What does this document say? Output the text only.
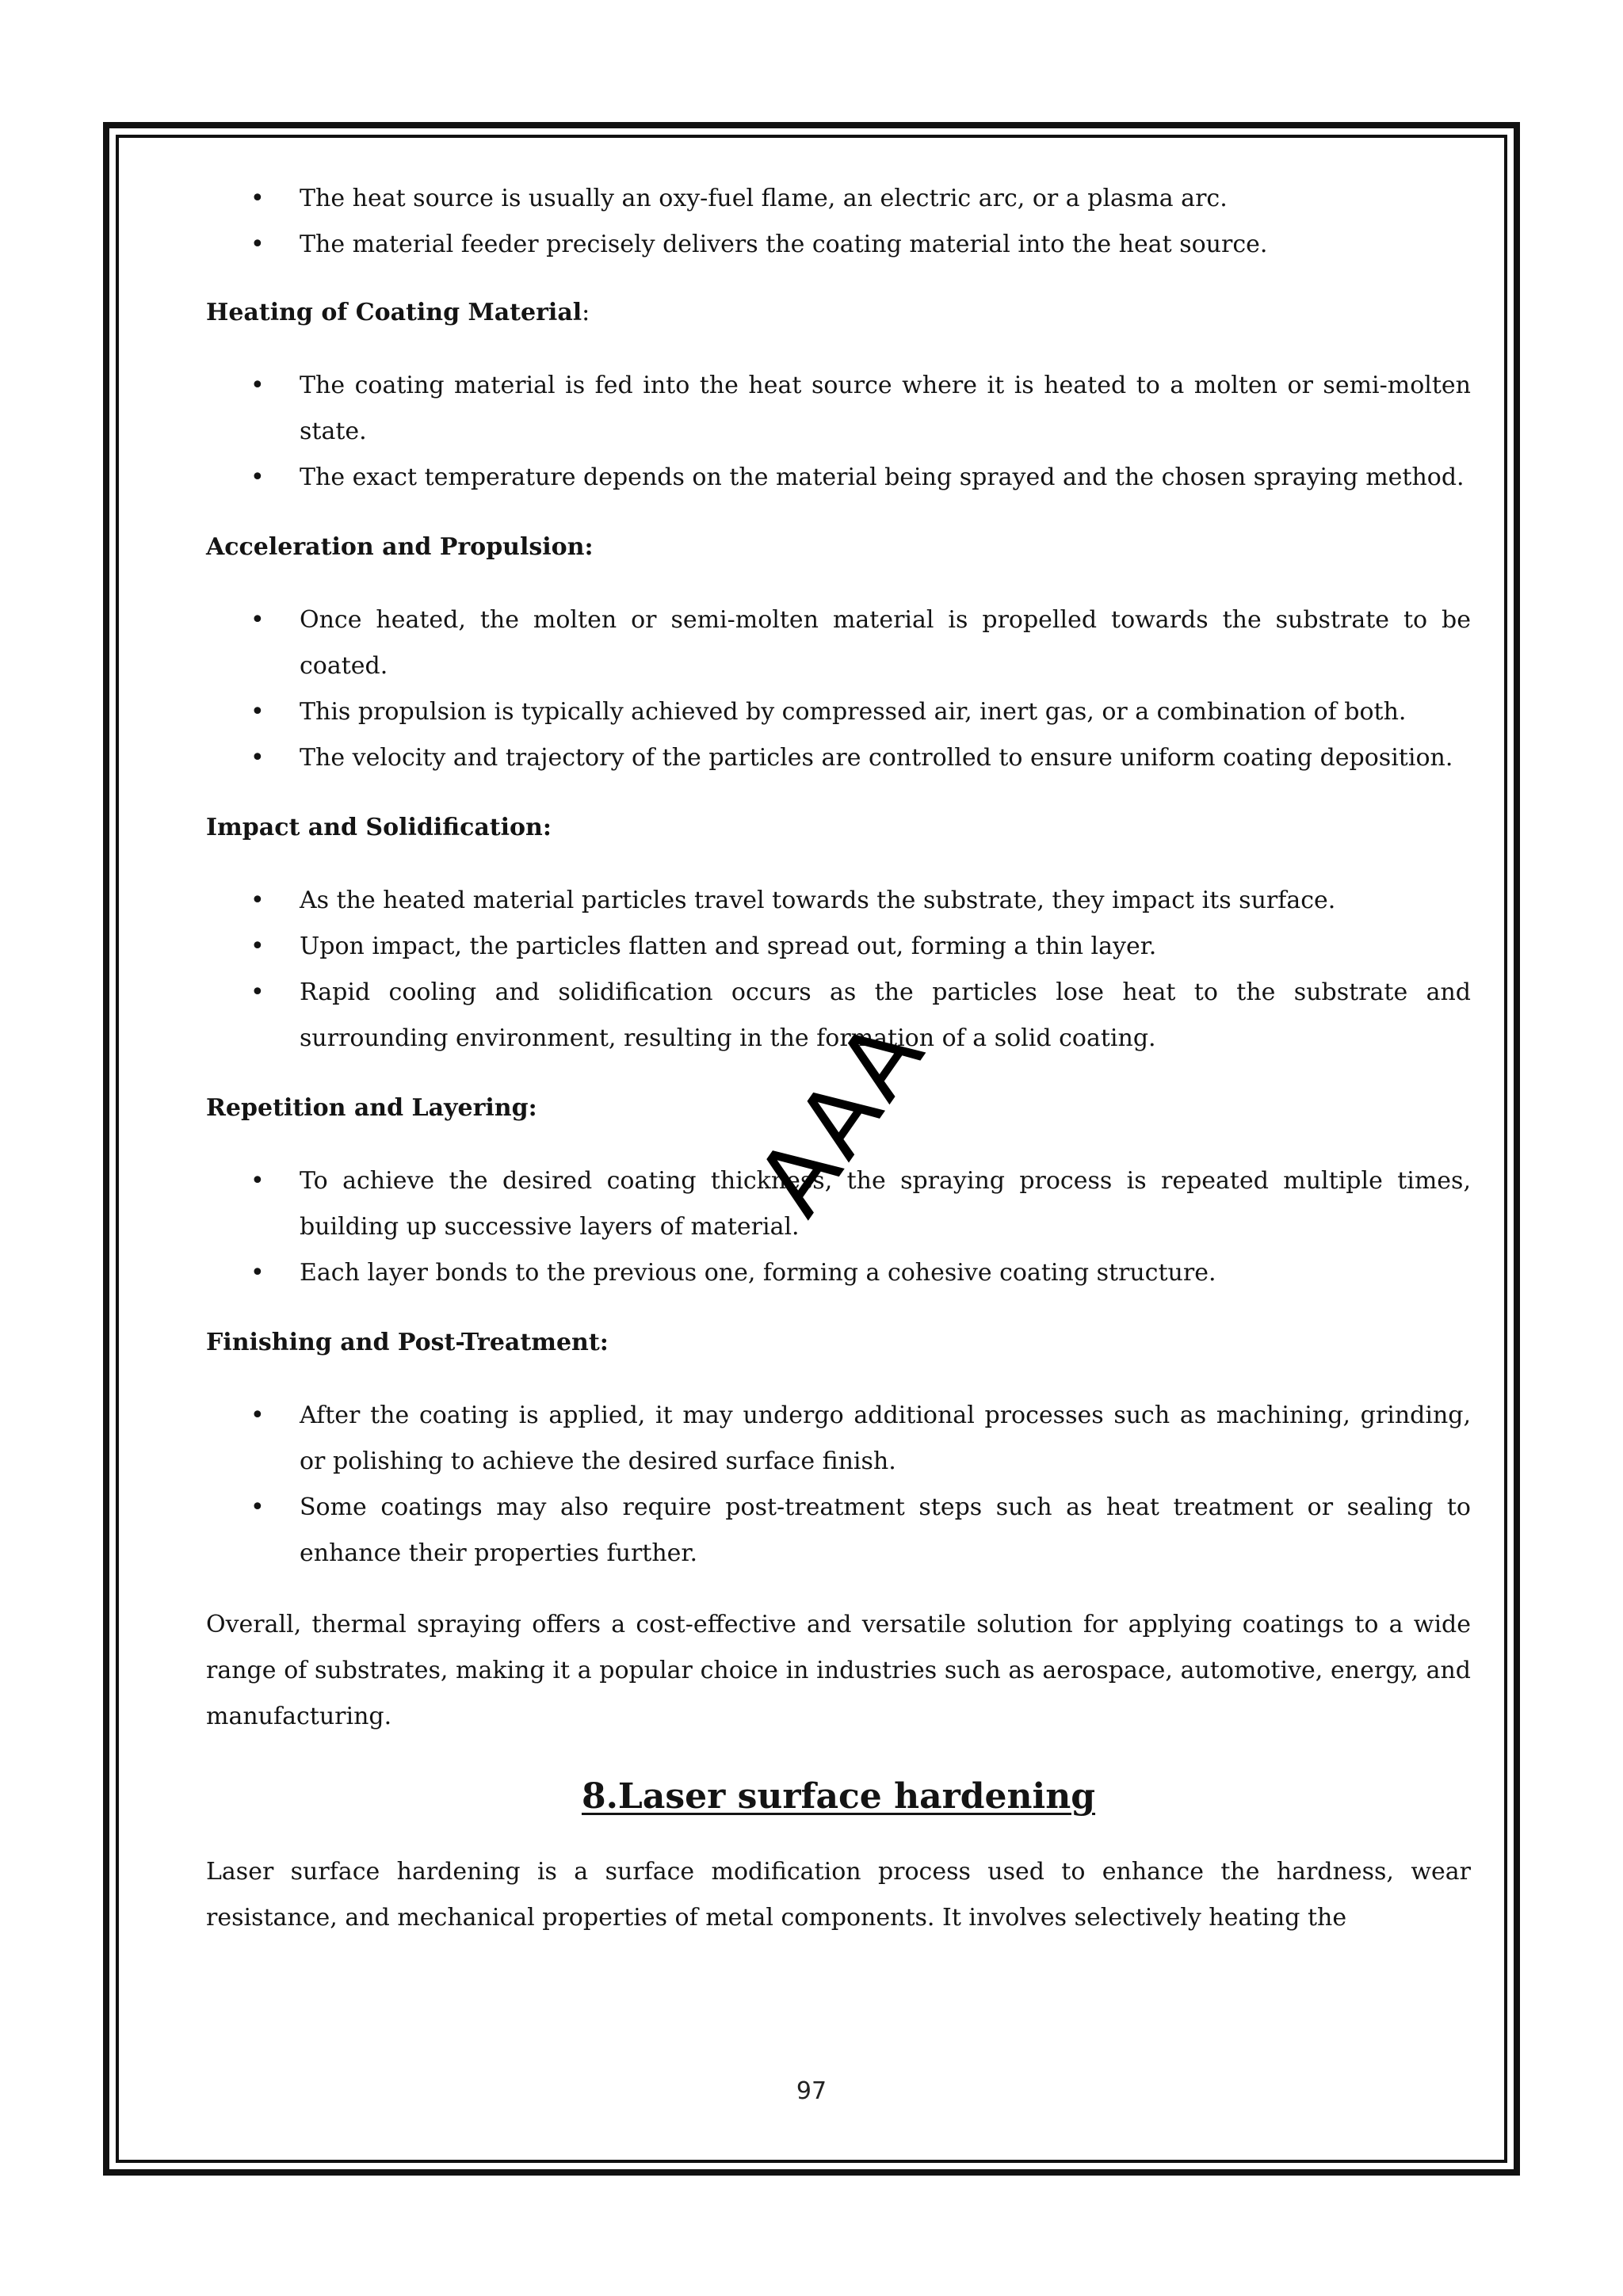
• The heat source is usually an oxy-fuel flame, an electric arc, or a plasma arc.
• The material feeder precisely delivers the coating material into the heat source.

Heating of Coating Material:

• The coating material is fed into the heat source where it is heated to a molten or semi-molten state.
• The exact temperature depends on the material being sprayed and the chosen spraying method.

Acceleration and Propulsion:

• Once heated, the molten or semi-molten material is propelled towards the substrate to be coated.
• This propulsion is typically achieved by compressed air, inert gas, or a combination of both.
• The velocity and trajectory of the particles are controlled to ensure uniform coating deposition.

Impact and Solidification:

• As the heated material particles travel towards the substrate, they impact its surface.
• Upon impact, the particles flatten and spread out, forming a thin layer.
• Rapid cooling and solidification occurs as the particles lose heat to the substrate and surrounding environment, resulting in the formation of a solid coating.

Repetition and Layering:

• To achieve the desired coating thickness, the spraying process is repeated multiple times, building up successive layers of material.
• Each layer bonds to the previous one, forming a cohesive coating structure.

Finishing and Post-Treatment:

• After the coating is applied, it may undergo additional processes such as machining, grinding, or polishing to achieve the desired surface finish.
• Some coatings may also require post-treatment steps such as heat treatment or sealing to enhance their properties further.

Overall, thermal spraying offers a cost-effective and versatile solution for applying coatings to a wide range of substrates, making it a popular choice in industries such as aerospace, automotive, energy, and manufacturing.

8.Laser surface hardening

Laser surface hardening is a surface modification process used to enhance the hardness, wear resistance, and mechanical properties of metal components. It involves selectively heating the

AAA
97
